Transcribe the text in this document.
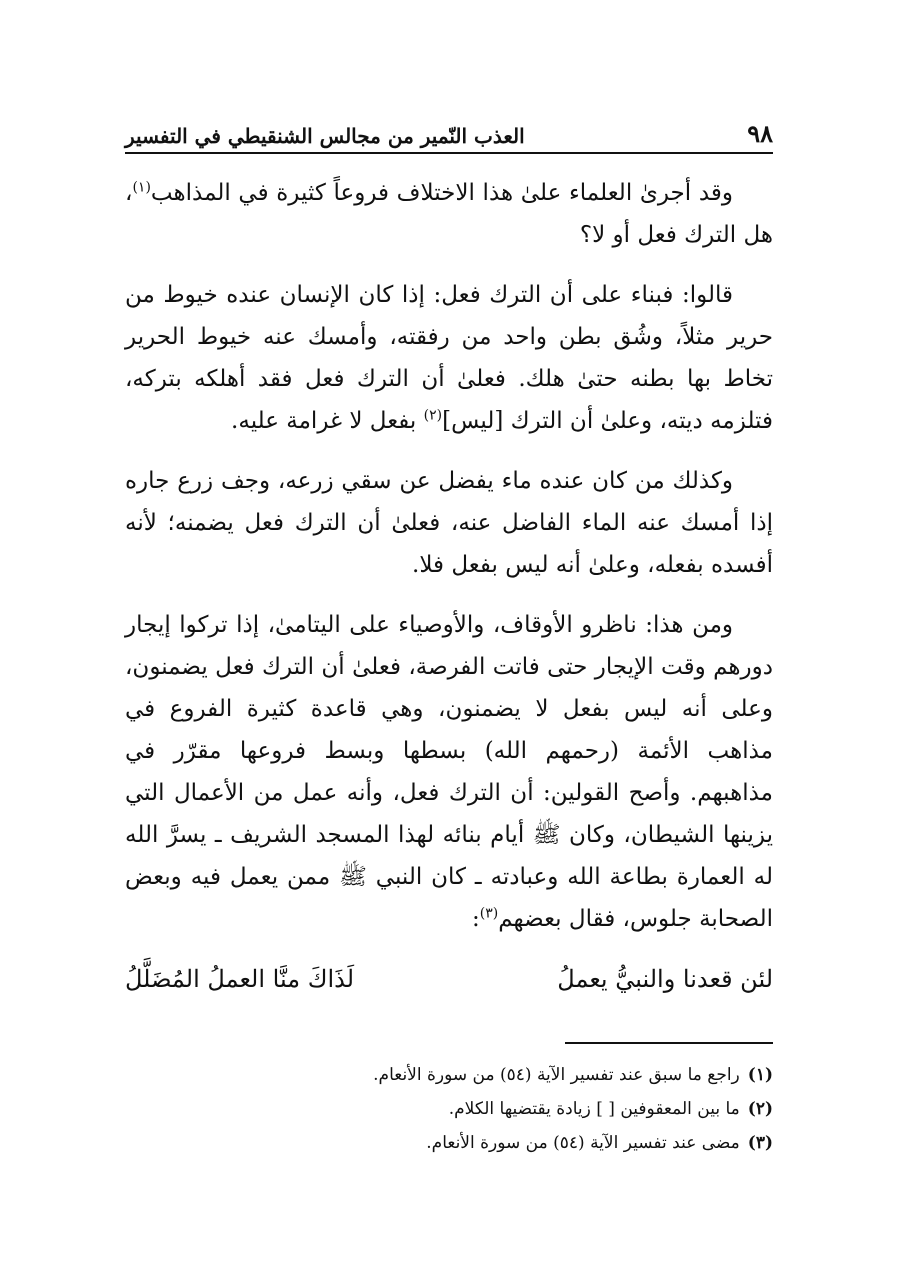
٩٨
العذب النّمير من مجالس الشنقيطي في التفسير

وقد أجرىٰ العلماء علىٰ هذا الاختلاف فروعاً كثيرة في المذاهب$^{(١)}$، هل الترك فعل أو لا؟

قالوا: فبناء على أن الترك فعل: إذا كان الإنسان عنده خيوط من حرير مثلاً، وشُق بطن واحد من رفقته، وأمسك عنه خيوط الحرير تخاط بها بطنه حتىٰ هلك. فعلىٰ أن الترك فعل فقد أهلكه بتركه، فتلزمه ديته، وعلىٰ أن الترك [ليس]$^{(٢)}$ بفعل لا غرامة عليه.

وكذلك من كان عنده ماء يفضل عن سقي زرعه، وجف زرع جاره إذا أمسك عنه الماء الفاضل عنه، فعلىٰ أن الترك فعل يضمنه؛ لأنه أفسده بفعله، وعلىٰ أنه ليس بفعل فلا.

ومن هذا: ناظرو الأوقاف، والأوصياء على اليتامىٰ، إذا تركوا إيجار دورهم وقت الإيجار حتى فاتت الفرصة، فعلىٰ أن الترك فعل يضمنون، وعلى أنه ليس بفعل لا يضمنون، وهي قاعدة كثيرة الفروع في مذاهب الأئمة (رحمهم الله) بسطها وبسط فروعها مقرّر في مذاهبهم. وأصح القولين: أن الترك فعل، وأنه عمل من الأعمال التي يزينها الشيطان، وكان ﷺ أيام بنائه لهذا المسجد الشريف ـ يسرَّ الله له العمارة بطاعة الله وعبادته ـ كان النبي ﷺ ممن يعمل فيه وبعض الصحابة جلوس، فقال بعضهم$^{(٣)}$:

لئن قعدنا والنبيُّ يعملُ
لَذَاكَ منَّا العملُ المُضَلَّلُ
(١)راجع ما سبق عند تفسير الآية (٥٤) من سورة الأنعام.
(٢)ما بين المعقوفين [ ] زيادة يقتضيها الكلام.
(٣)مضى عند تفسير الآية (٥٤) من سورة الأنعام.
